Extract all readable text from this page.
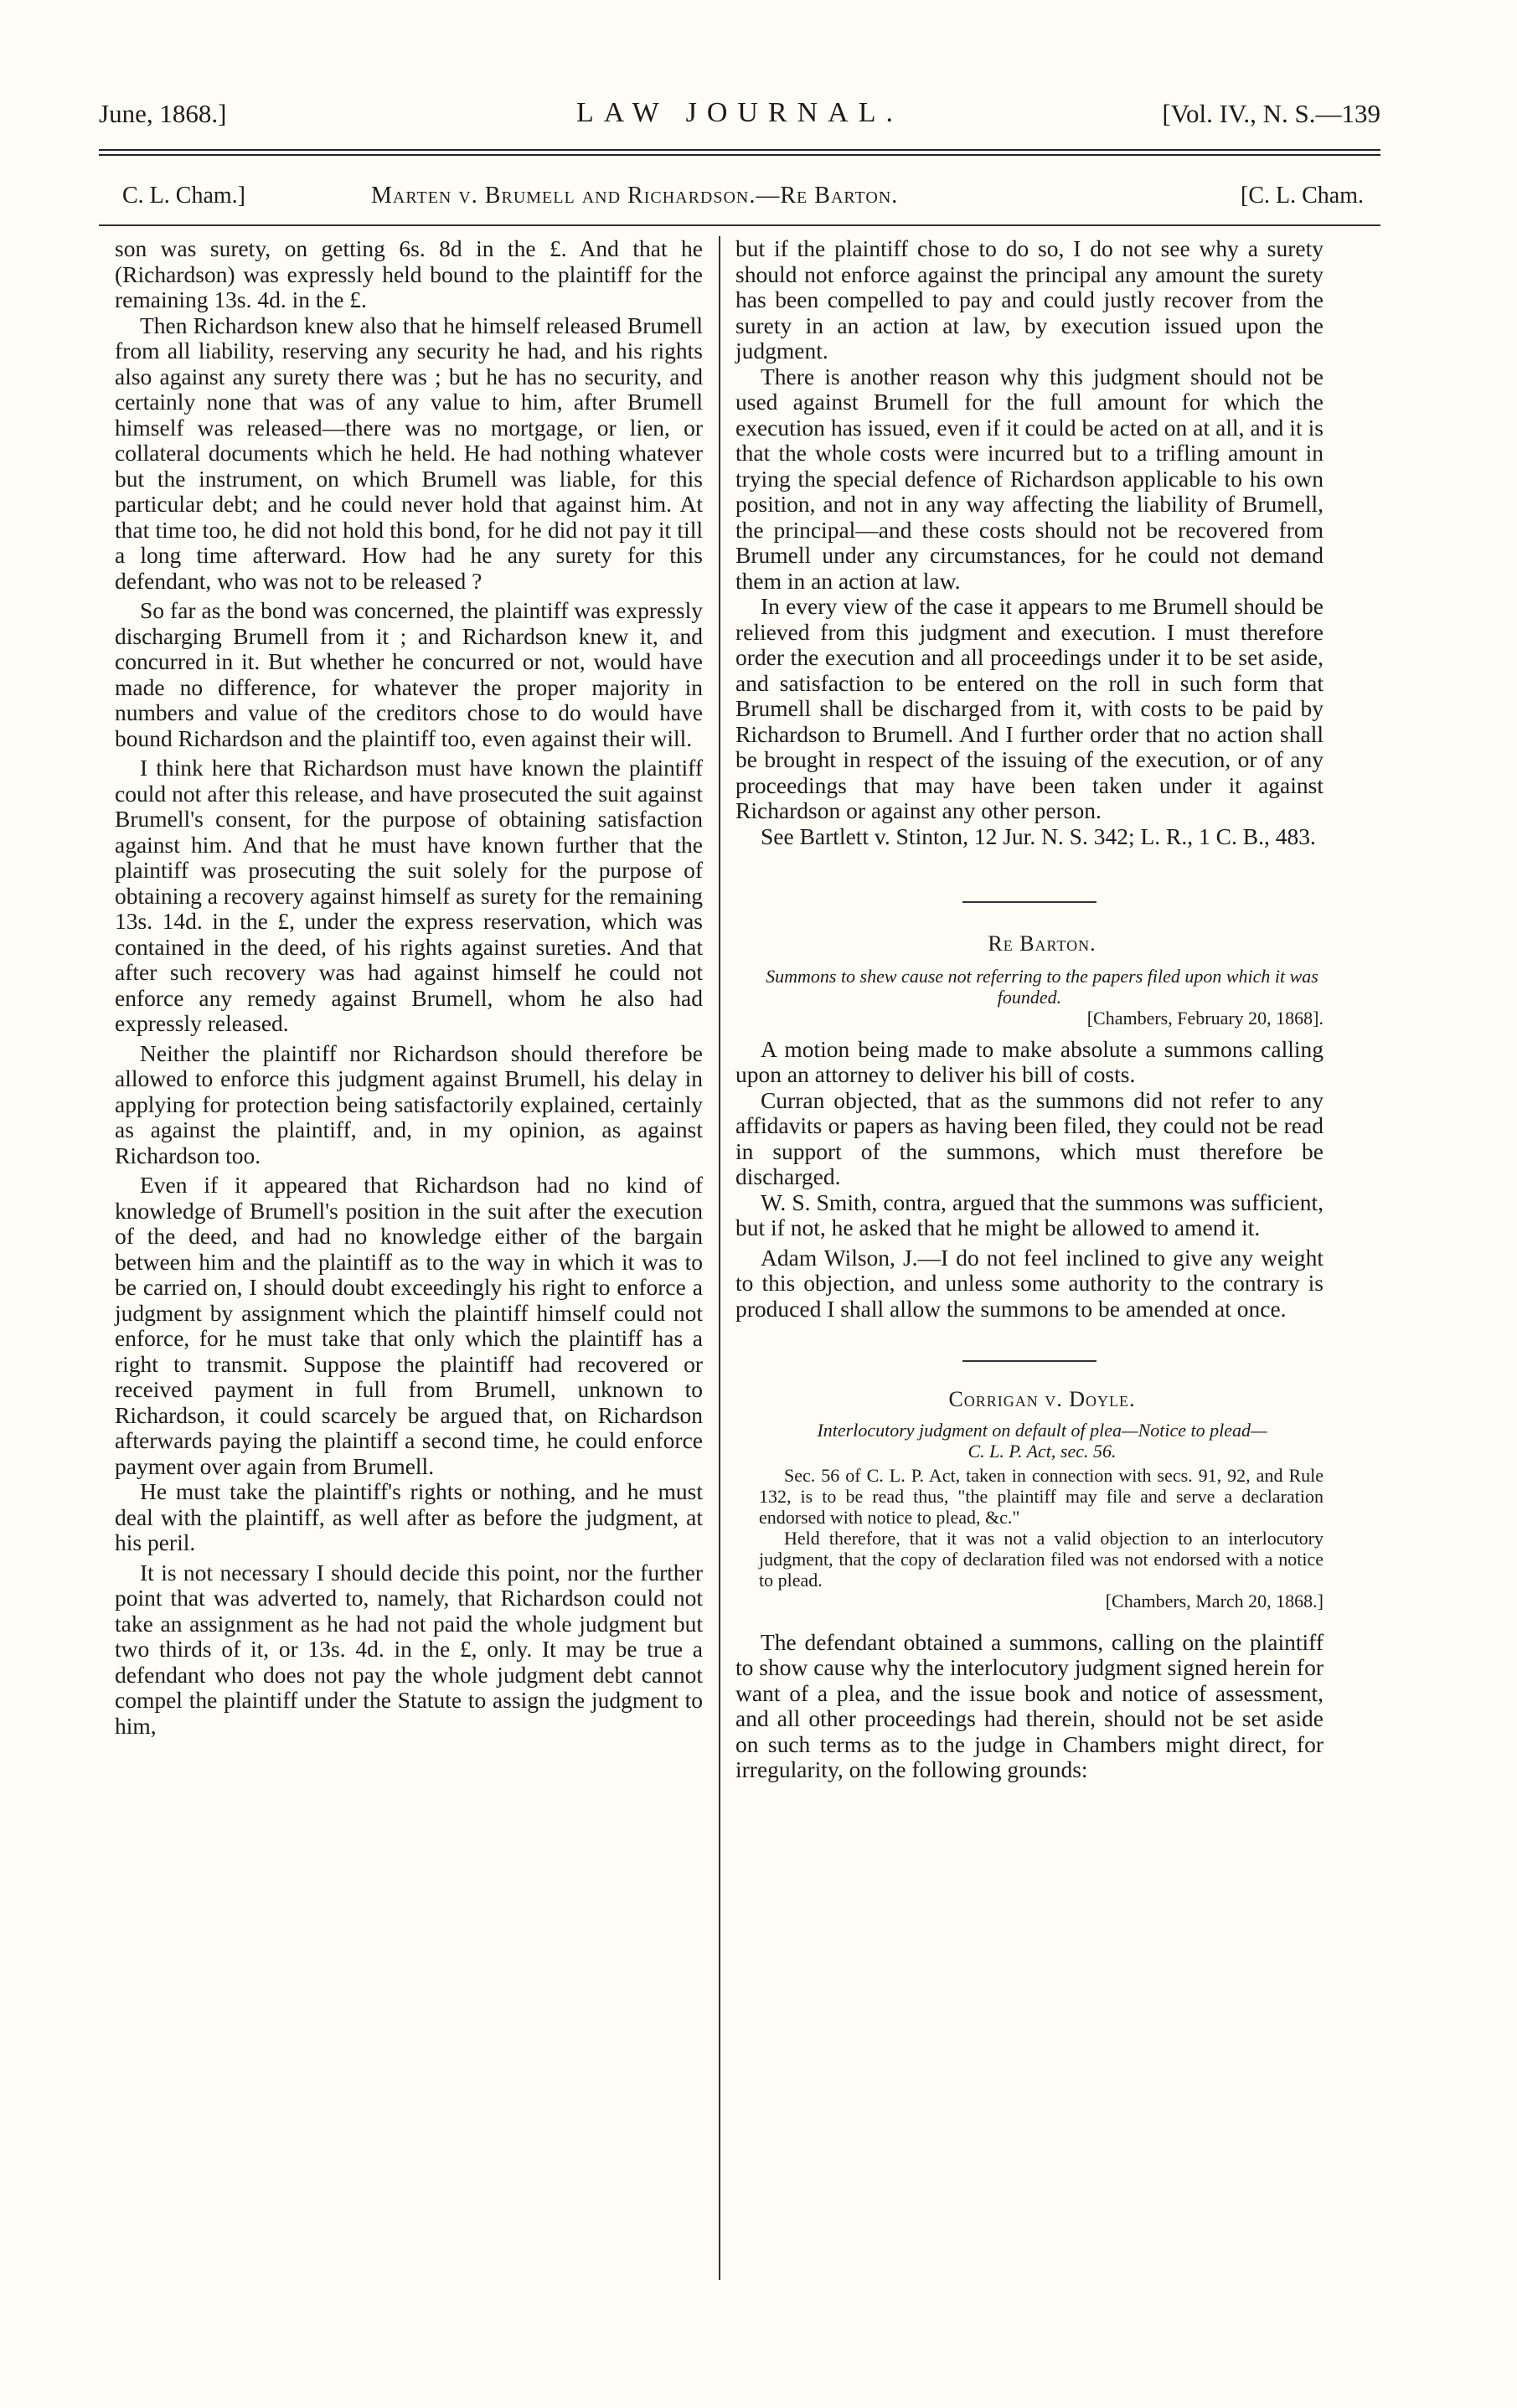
June, 1868.]	LAW JOURNAL.	[Vol. IV., N. S.—139
C. L. Cham.]	Marten v. Brumell and Richardson.—Re Barton.	[C. L. Cham.

son was surety, on getting 6s. 8d in the £. And that he (Richardson) was expressly held bound to the plaintiff for the remaining 13s. 4d. in the £.

Then Richardson knew also that he himself released Brumell from all liability, reserving any security he had, and his rights also against any surety there was ; but he has no security, and certainly none that was of any value to him, after Brumell himself was released—there was no mortgage, or lien, or collateral documents which he held. He had nothing whatever but the instrument, on which Brumell was liable, for this particular debt; and he could never hold that against him. At that time too, he did not hold this bond, for he did not pay it till a long time afterward. How had he any surety for this defendant, who was not to be released ?

So far as the bond was concerned, the plaintiff was expressly discharging Brumell from it ; and Richardson knew it, and concurred in it. But whether he concurred or not, would have made no difference, for whatever the proper majority in numbers and value of the creditors chose to do would have bound Richardson and the plaintiff too, even against their will.

I think here that Richardson must have known the plaintiff could not after this release, and have prosecuted the suit against Brumell's consent, for the purpose of obtaining satisfaction against him. And that he must have known further that the plaintiff was prosecuting the suit solely for the purpose of obtaining a recovery against himself as surety for the remaining 13s. 14d. in the £, under the express reservation, which was contained in the deed, of his rights against sureties. And that after such recovery was had against himself he could not enforce any remedy against Brumell, whom he also had expressly released.

Neither the plaintiff nor Richardson should therefore be allowed to enforce this judgment against Brumell, his delay in applying for protection being satisfactorily explained, certainly as against the plaintiff, and, in my opinion, as against Richardson too.

Even if it appeared that Richardson had no kind of knowledge of Brumell's position in the suit after the execution of the deed, and had no knowledge either of the bargain between him and the plaintiff as to the way in which it was to be carried on, I should doubt exceedingly his right to enforce a judgment by assignment which the plaintiff himself could not enforce, for he must take that only which the plaintiff has a right to transmit. Suppose the plaintiff had recovered or received payment in full from Brumell, unknown to Richardson, it could scarcely be argued that, on Richardson afterwards paying the plaintiff a second time, he could enforce payment over again from Brumell.

He must take the plaintiff's rights or nothing, and he must deal with the plaintiff, as well after as before the judgment, at his peril.

It is not necessary I should decide this point, nor the further point that was adverted to, namely, that Richardson could not take an assignment as he had not paid the whole judgment but two thirds of it, or 13s. 4d. in the £, only. It may be true a defendant who does not pay the whole judgment debt cannot compel the plaintiff under the Statute to assign the judgment to him,

but if the plaintiff chose to do so, I do not see why a surety should not enforce against the principal any amount the surety has been compelled to pay and could justly recover from the surety in an action at law, by execution issued upon the judgment.

There is another reason why this judgment should not be used against Brumell for the full amount for which the execution has issued, even if it could be acted on at all, and it is that the whole costs were incurred but to a trifling amount in trying the special defence of Richardson applicable to his own position, and not in any way affecting the liability of Brumell, the principal—and these costs should not be recovered from Brumell under any circumstances, for he could not demand them in an action at law.

In every view of the case it appears to me Brumell should be relieved from this judgment and execution. I must therefore order the execution and all proceedings under it to be set aside, and satisfaction to be entered on the roll in such form that Brumell shall be discharged from it, with costs to be paid by Richardson to Brumell. And I further order that no action shall be brought in respect of the issuing of the execution, or of any proceedings that may have been taken under it against Richardson or against any other person.

See Bartlett v. Stinton, 12 Jur. N. S. 342; L. R., 1 C. B., 483.

Re Barton.

Summons to shew cause not referring to the papers filed upon which it was founded.

[Chambers, February 20, 1868].

A motion being made to make absolute a summons calling upon an attorney to deliver his bill of costs.

Curran objected, that as the summons did not refer to any affidavits or papers as having been filed, they could not be read in support of the summons, which must therefore be discharged.

W. S. Smith, contra, argued that the summons was sufficient, but if not, he asked that he might be allowed to amend it.

Adam Wilson, J.—I do not feel inclined to give any weight to this objection, and unless some authority to the contrary is produced I shall allow the summons to be amended at once.

Corrigan v. Doyle.

Interlocutory judgment on default of plea—Notice to plead—

C. L. P. Act, sec. 56.

Sec. 56 of C. L. P. Act, taken in connection with secs. 91, 92, and Rule 132, is to be read thus, "the plaintiff may file and serve a declaration endorsed with notice to plead, &c."

Held therefore, that it was not a valid objection to an interlocutory judgment, that the copy of declaration filed was not endorsed with a notice to plead.

[Chambers, March 20, 1868.]

The defendant obtained a summons, calling on the plaintiff to show cause why the interlocutory judgment signed herein for want of a plea, and the issue book and notice of assessment, and all other proceedings had therein, should not be set aside on such terms as to the judge in Chambers might direct, for irregularity, on the following grounds:
